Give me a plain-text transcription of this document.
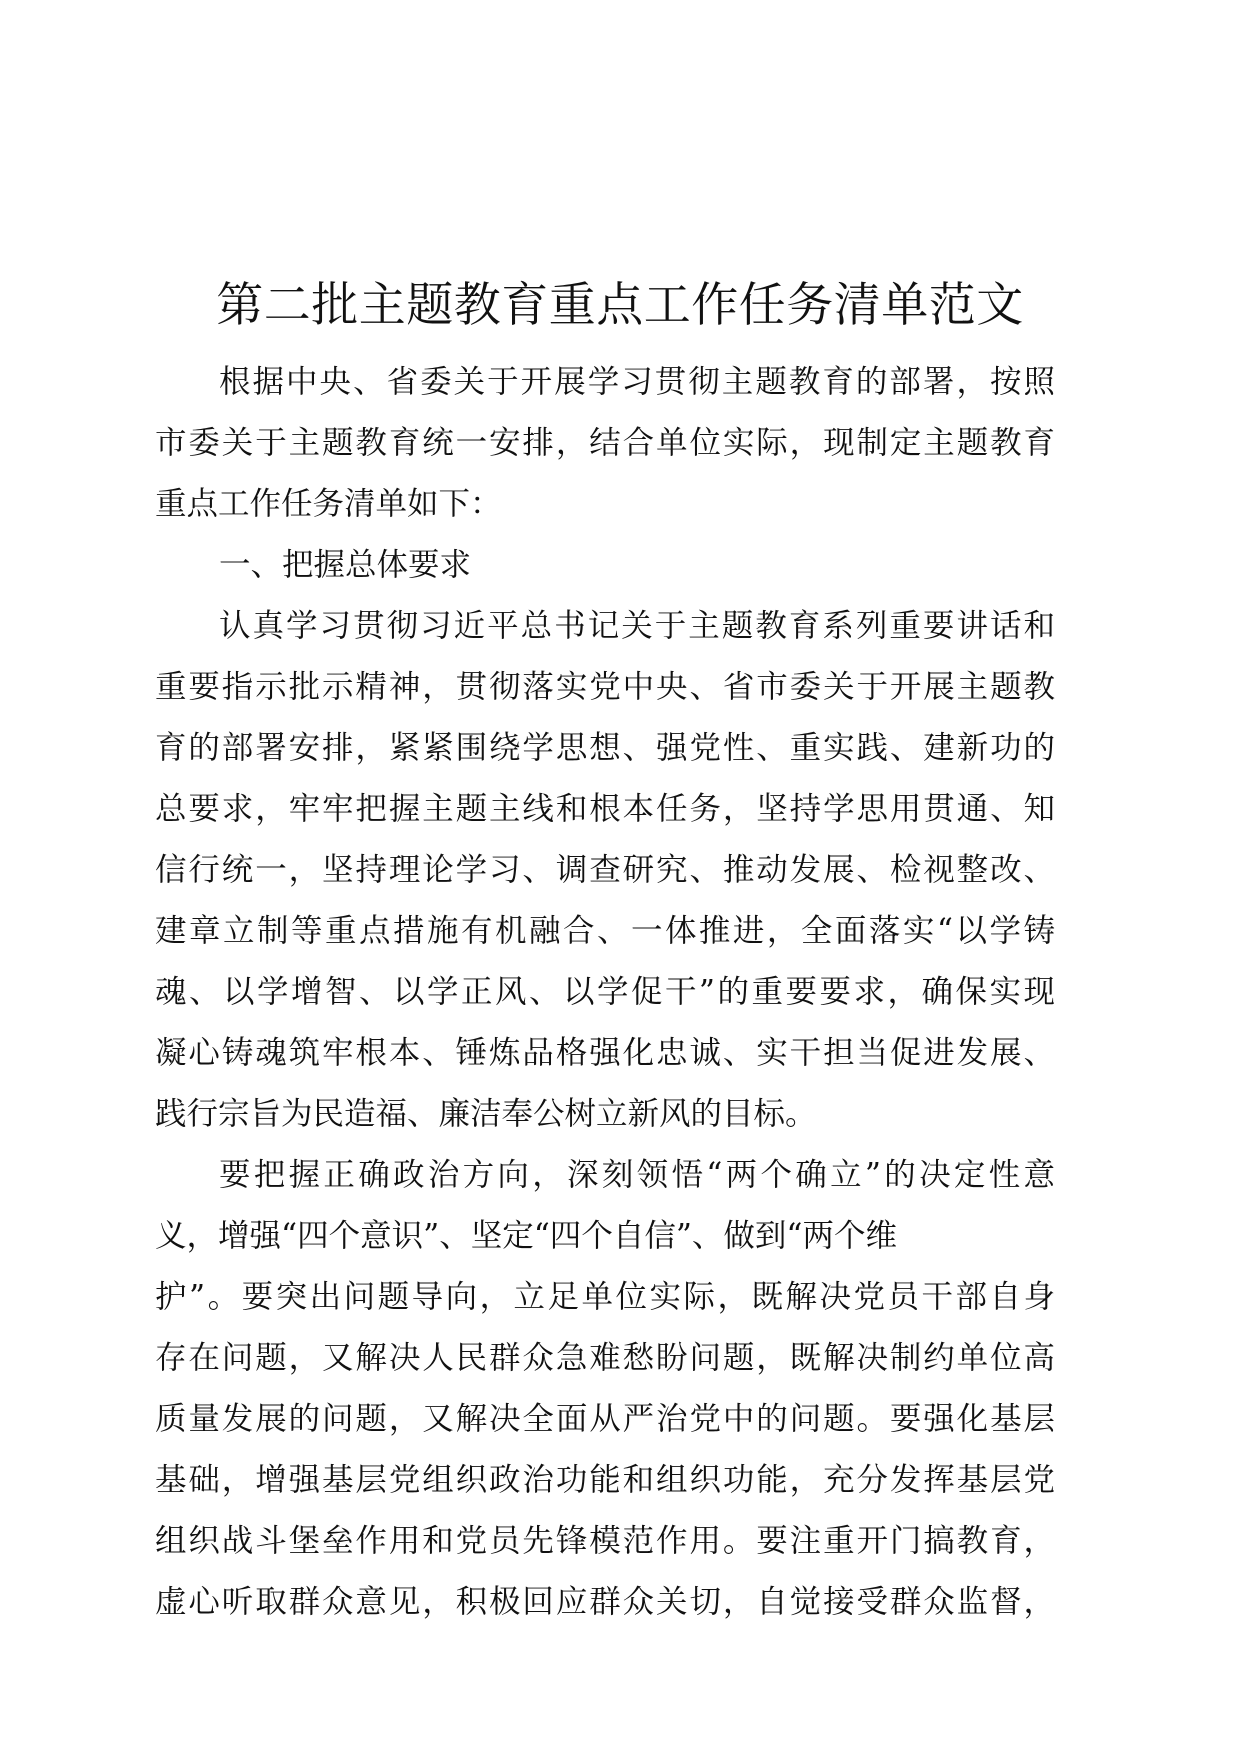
第二批主题教育重点工作任务清单范文
根据中央、省委关于开展学习贯彻主题教育的部署，按照
市委关于主题教育统一安排，结合单位实际，现制定主题教育
重点工作任务清单如下：
一、把握总体要求
认真学习贯彻习近平总书记关于主题教育系列重要讲话和
重要指示批示精神，贯彻落实党中央、省市委关于开展主题教
育的部署安排，紧紧围绕学思想、强党性、重实践、建新功的
总要求，牢牢把握主题主线和根本任务，坚持学思用贯通、知
信行统一，坚持理论学习、调查研究、推动发展、检视整改、
建章立制等重点措施有机融合、一体推进，全面落实“以学铸
魂、以学增智、以学正风、以学促干”的重要要求，确保实现
凝心铸魂筑牢根本、锤炼品格强化忠诚、实干担当促进发展、
践行宗旨为民造福、廉洁奉公树立新风的目标。
要把握正确政治方向，深刻领悟“两个确立”的决定性意
义，增强“四个意识”、坚定“四个自信”、做到“两个维
护”。要突出问题导向，立足单位实际，既解决党员干部自身
存在问题，又解决人民群众急难愁盼问题，既解决制约单位高
质量发展的问题，又解决全面从严治党中的问题。要强化基层
基础，增强基层党组织政治功能和组织功能，充分发挥基层党
组织战斗堡垒作用和党员先锋模范作用。要注重开门搞教育，
虚心听取群众意见，积极回应群众关切，自觉接受群众监督，
